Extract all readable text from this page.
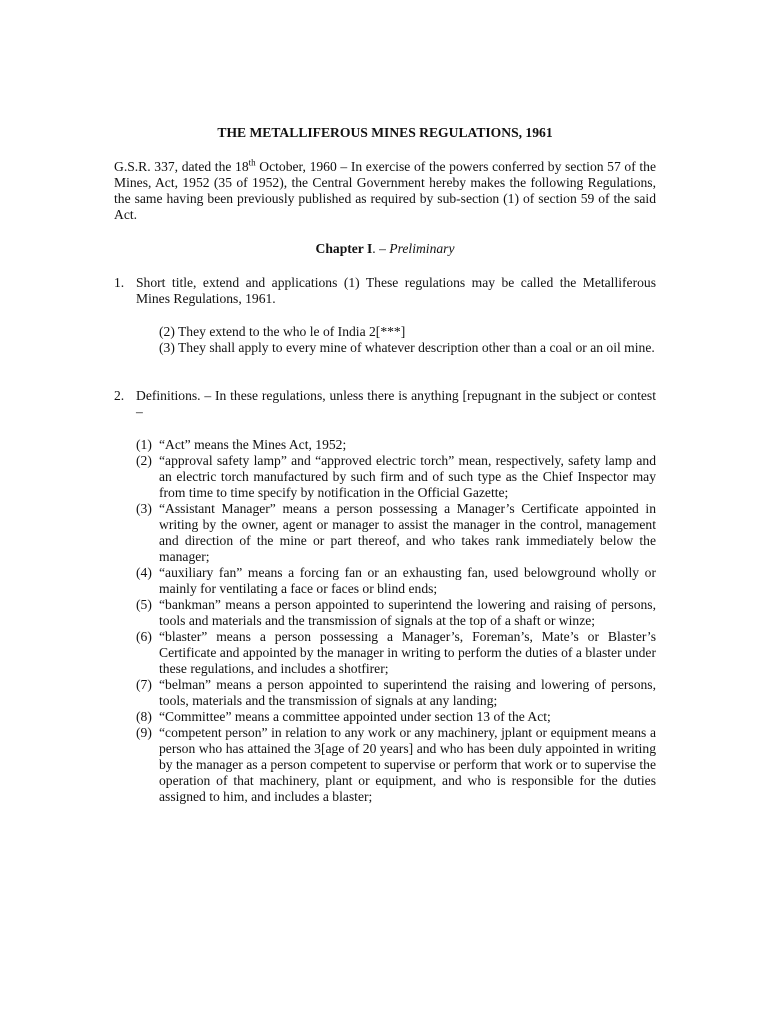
THE METALLIFEROUS MINES REGULATIONS, 1961
G.S.R. 337, dated the 18th October, 1960 – In exercise of the powers conferred by section 57 of the Mines, Act, 1952 (35 of 1952), the Central Government hereby makes the following Regulations, the same having been previously published as required by sub-section (1) of section 59 of the said Act.
Chapter I. – Preliminary
1. Short title, extend and applications (1) These regulations may be called the Metalliferous Mines Regulations, 1961.
(2) They extend to the who le of India 2[***]
(3) They shall apply to every mine of whatever description other than a coal or an oil mine.
2. Definitions. – In these regulations, unless there is anything [repugnant in the subject or contest –
(1) “Act” means the Mines Act, 1952;
(2) “approval safety lamp” and “approved electric torch” mean, respectively, safety lamp and an electric torch manufactured by such firm and of such type as the Chief Inspector may from time to time specify by notification in the Official Gazette;
(3) “Assistant Manager” means a person possessing a Manager’s Certificate appointed in writing by the owner, agent or manager to assist the manager in the control, management and direction of the mine or part thereof, and who takes rank immediately below the manager;
(4) “auxiliary fan” means a forcing fan or an exhausting fan, used belowground wholly or mainly for ventilating a face or faces or blind ends;
(5) “bankman” means a person appointed to superintend the lowering and raising of persons, tools and materials and the transmission of signals at the top of a shaft or winze;
(6) “blaster” means a person possessing a Manager’s, Foreman’s, Mate’s or Blaster’s Certificate and appointed by the manager in writing to perform the duties of a blaster under these regulations, and includes a shotfirer;
(7) “belman” means a person appointed to superintend the raising and lowering of persons, tools, materials and the transmission of signals at any landing;
(8) “Committee” means a committee appointed under section 13 of the Act;
(9) “competent person” in relation to any work or any machinery, jplant or equipment means a person who has attained the 3[age of 20 years] and who has been duly appointed in writing by the manager as a person competent to supervise or perform that work or to supervise the operation of that machinery, plant or equipment, and who is responsible for the duties assigned to him, and includes a blaster;
